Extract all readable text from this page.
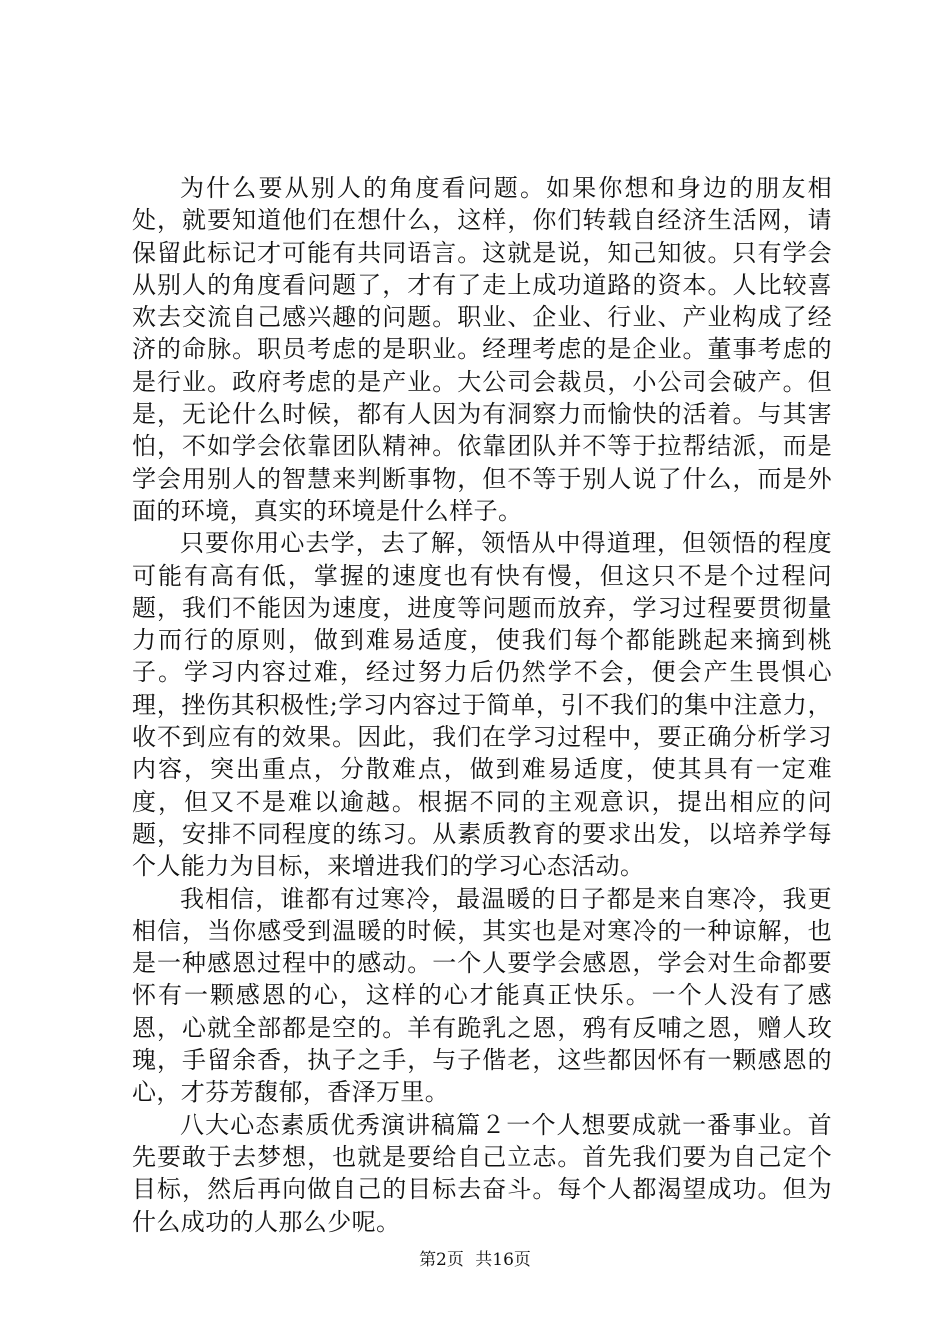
为什么要从别人的角度看问题。如果你想和身边的朋友相处，就要知道他们在想什么，这样，你们转载自经济生活网，请保留此标记才可能有共同语言。这就是说，知己知彼。只有学会从别人的角度看问题了，才有了走上成功道路的资本。人比较喜欢去交流自己感兴趣的问题。职业、企业、行业、产业构成了经济的命脉。职员考虑的是职业。经理考虑的是企业。董事考虑的是行业。政府考虑的是产业。大公司会裁员，小公司会破产。但是，无论什么时候，都有人因为有洞察力而愉快的活着。与其害怕，不如学会依靠团队精神。依靠团队并不等于拉帮结派，而是学会用别人的智慧来判断事物，但不等于别人说了什么，而是外面的环境，真实的环境是什么样子。

只要你用心去学，去了解，领悟从中得道理，但领悟的程度可能有高有低，掌握的速度也有快有慢，但这只不是个过程问题，我们不能因为速度，进度等问题而放弃，学习过程要贯彻量力而行的原则，做到难易适度，使我们每个都能跳起来摘到桃子。学习内容过难，经过努力后仍然学不会，便会产生畏惧心理，挫伤其积极性;学习内容过于简单，引不我们的集中注意力，收不到应有的效果。因此，我们在学习过程中，要正确分析学习内容，突出重点，分散难点，做到难易适度，使其具有一定难度，但又不是难以逾越。根据不同的主观意识，提出相应的问题，安排不同程度的练习。从素质教育的要求出发，以培养学每个人能力为目标，来增进我们的学习心态活动。

我相信，谁都有过寒冷，最温暖的日子都是来自寒冷，我更相信，当你感受到温暖的时候，其实也是对寒冷的一种谅解，也是一种感恩过程中的感动。一个人要学会感恩，学会对生命都要怀有一颗感恩的心，这样的心才能真正快乐。一个人没有了感恩，心就全部都是空的。羊有跪乳之恩，鸦有反哺之恩，赠人玫瑰，手留余香，执子之手，与子偕老，这些都因怀有一颗感恩的心，才芬芳馥郁，香泽万里。

八大心态素质优秀演讲稿篇２一个人想要成就一番事业。首先要敢于去梦想，也就是要给自己立志。首先我们要为自己定个目标，然后再向做自己的目标去奋斗。每个人都渴望成功。但为什么成功的人那么少呢。

第2页 共16页
